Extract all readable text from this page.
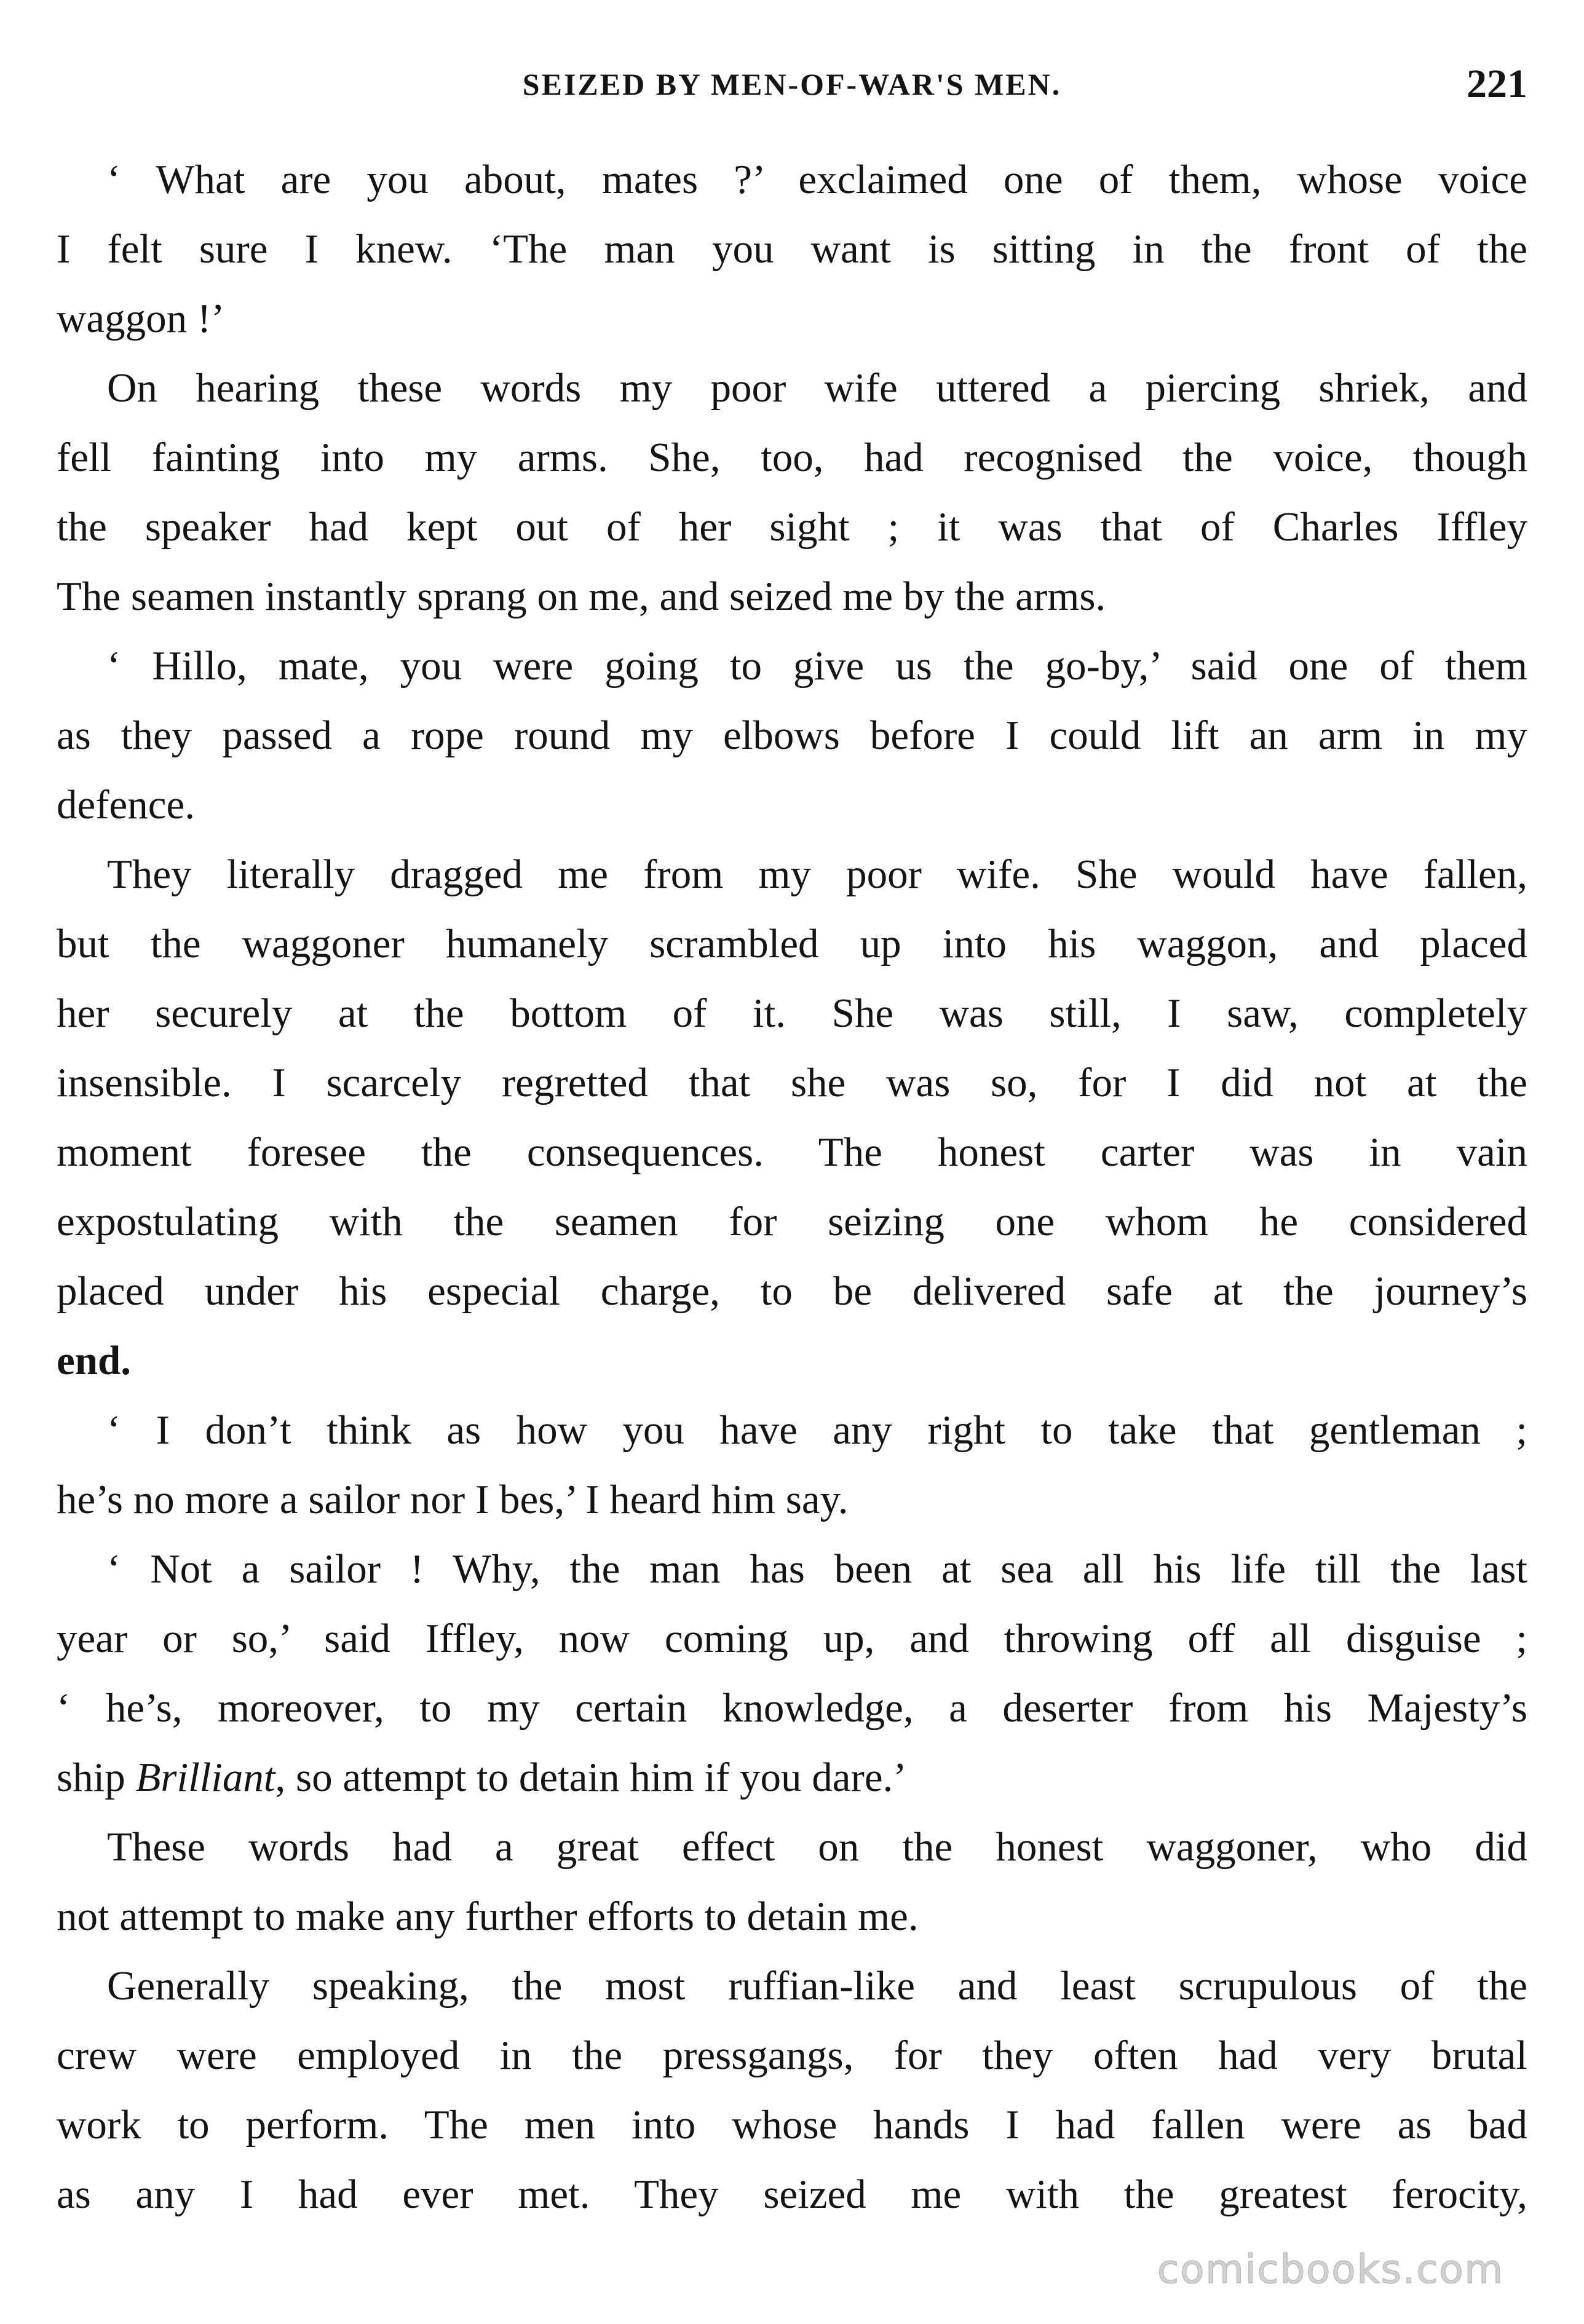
SEIZED BY MEN-OF-WAR'S MEN.	221
‘ What are you about, mates ?’ exclaimed one of them, whose voice
I felt sure I knew. ‘The man you want is sitting in the front of the
waggon !’
On hearing these words my poor wife uttered a piercing shriek, and
fell fainting into my arms. She, too, had recognised the voice, though
the speaker had kept out of her sight ; it was that of Charles Iffley
The seamen instantly sprang on me, and seized me by the arms.
‘ Hillo, mate, you were going to give us the go-by,’ said one of them
as they passed a rope round my elbows before I could lift an arm in my
defence.
They literally dragged me from my poor wife. She would have fallen,
but the waggoner humanely scrambled up into his waggon, and placed
her securely at the bottom of it. She was still, I saw, completely
insensible. I scarcely regretted that she was so, for I did not at the
moment foresee the consequences. The honest carter was in vain
expostulating with the seamen for seizing one whom he considered
placed under his especial charge, to be delivered safe at the journey’s
end.
‘ I don’t think as how you have any right to take that gentleman ;
he’s no more a sailor nor I bes,’ I heard him say.
‘ Not a sailor ! Why, the man has been at sea all his life till the last
year or so,’ said Iffley, now coming up, and throwing off all disguise ;
‘ he’s, moreover, to my certain knowledge, a deserter from his Majesty’s
ship Brilliant, so attempt to detain him if you dare.’
These words had a great effect on the honest waggoner, who did
not attempt to make any further efforts to detain me.
Generally speaking, the most ruffian-like and least scrupulous of the
crew were employed in the pressgangs, for they often had very brutal
work to perform. The men into whose hands I had fallen were as bad
as any I had ever met. They seized me with the greatest ferocity,
comicbooks.com
